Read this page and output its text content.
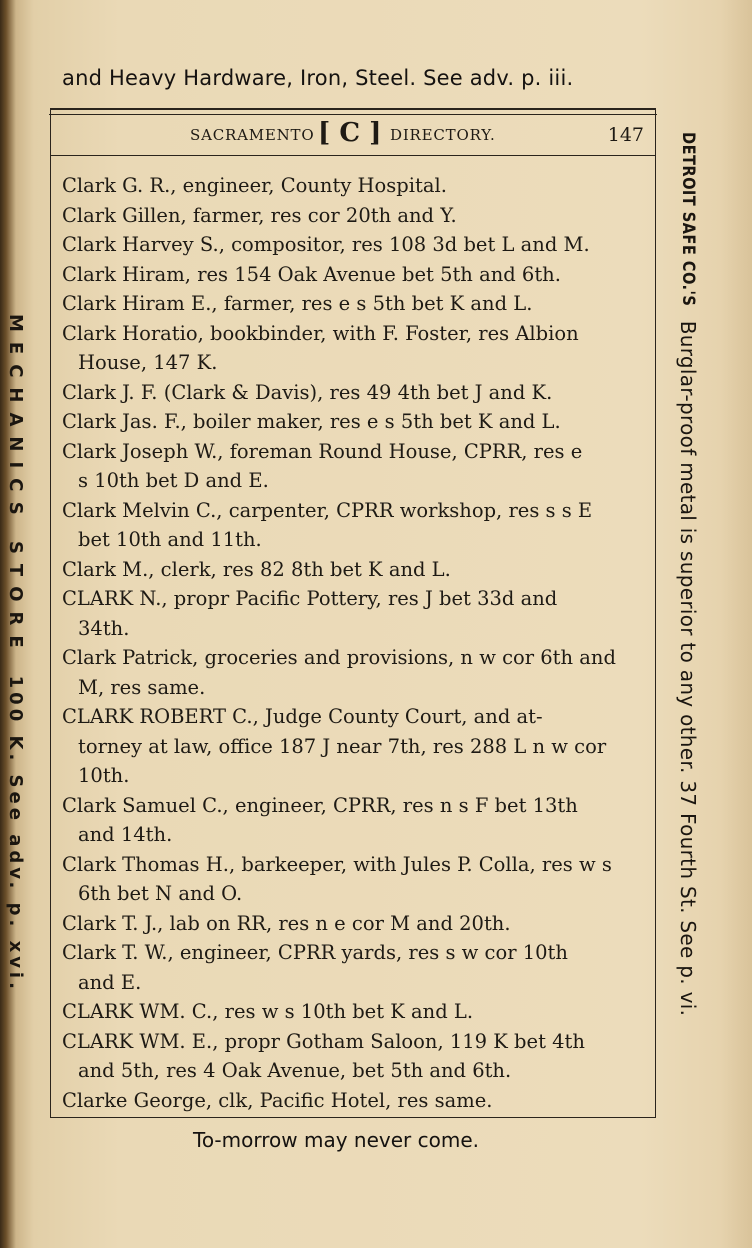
and Heavy Hardware, Iron, Steel. See adv. p. iii.
SACRAMENTO [ C ] DIRECTORY.	147
Clark G. R., engineer, County Hospital.
Clark Gillen, farmer, res cor 20th and Y.
Clark Harvey S., compositor, res 108 3d bet L and M.
Clark Hiram, res 154 Oak Avenue bet 5th and 6th.
Clark Hiram E., farmer, res e s 5th bet K and L.
Clark Horatio, bookbinder, with F. Foster, res Albion
House, 147 K.
Clark J. F. (Clark & Davis), res 49 4th bet J and K.
Clark Jas. F., boiler maker, res e s 5th bet K and L.
Clark Joseph W., foreman Round House, CPRR, res e
s 10th bet D and E.
Clark Melvin C., carpenter, CPRR workshop, res s s E
bet 10th and 11th.
Clark M., clerk, res 82 8th bet K and L.
CLARK N., propr Pacific Pottery, res J bet 33d and
34th.
Clark Patrick, groceries and provisions, n w cor 6th and
M, res same.
CLARK ROBERT C., Judge County Court, and at-
torney at law, office 187 J near 7th, res 288 L n w cor
10th.
Clark Samuel C., engineer, CPRR, res n s F bet 13th
and 14th.
Clark Thomas H., barkeeper, with Jules P. Colla, res w s
6th bet N and O.
Clark T. J., lab on RR, res n e cor M and 20th.
Clark T. W., engineer, CPRR yards, res s w cor 10th
and E.
CLARK WM. C., res w s 10th bet K and L.
CLARK WM. E., propr Gotham Saloon, 119 K bet 4th
and 5th, res 4 Oak Avenue, bet 5th and 6th.
Clarke George, clk, Pacific Hotel, res same.
To-morrow may never come.
MECHANICS STORE
100 K. See adv. p. xvi.
DETROIT SAFE CO.'S
Burglar-proof metal is superior to any other. 37 Fourth St. See p. vi.
